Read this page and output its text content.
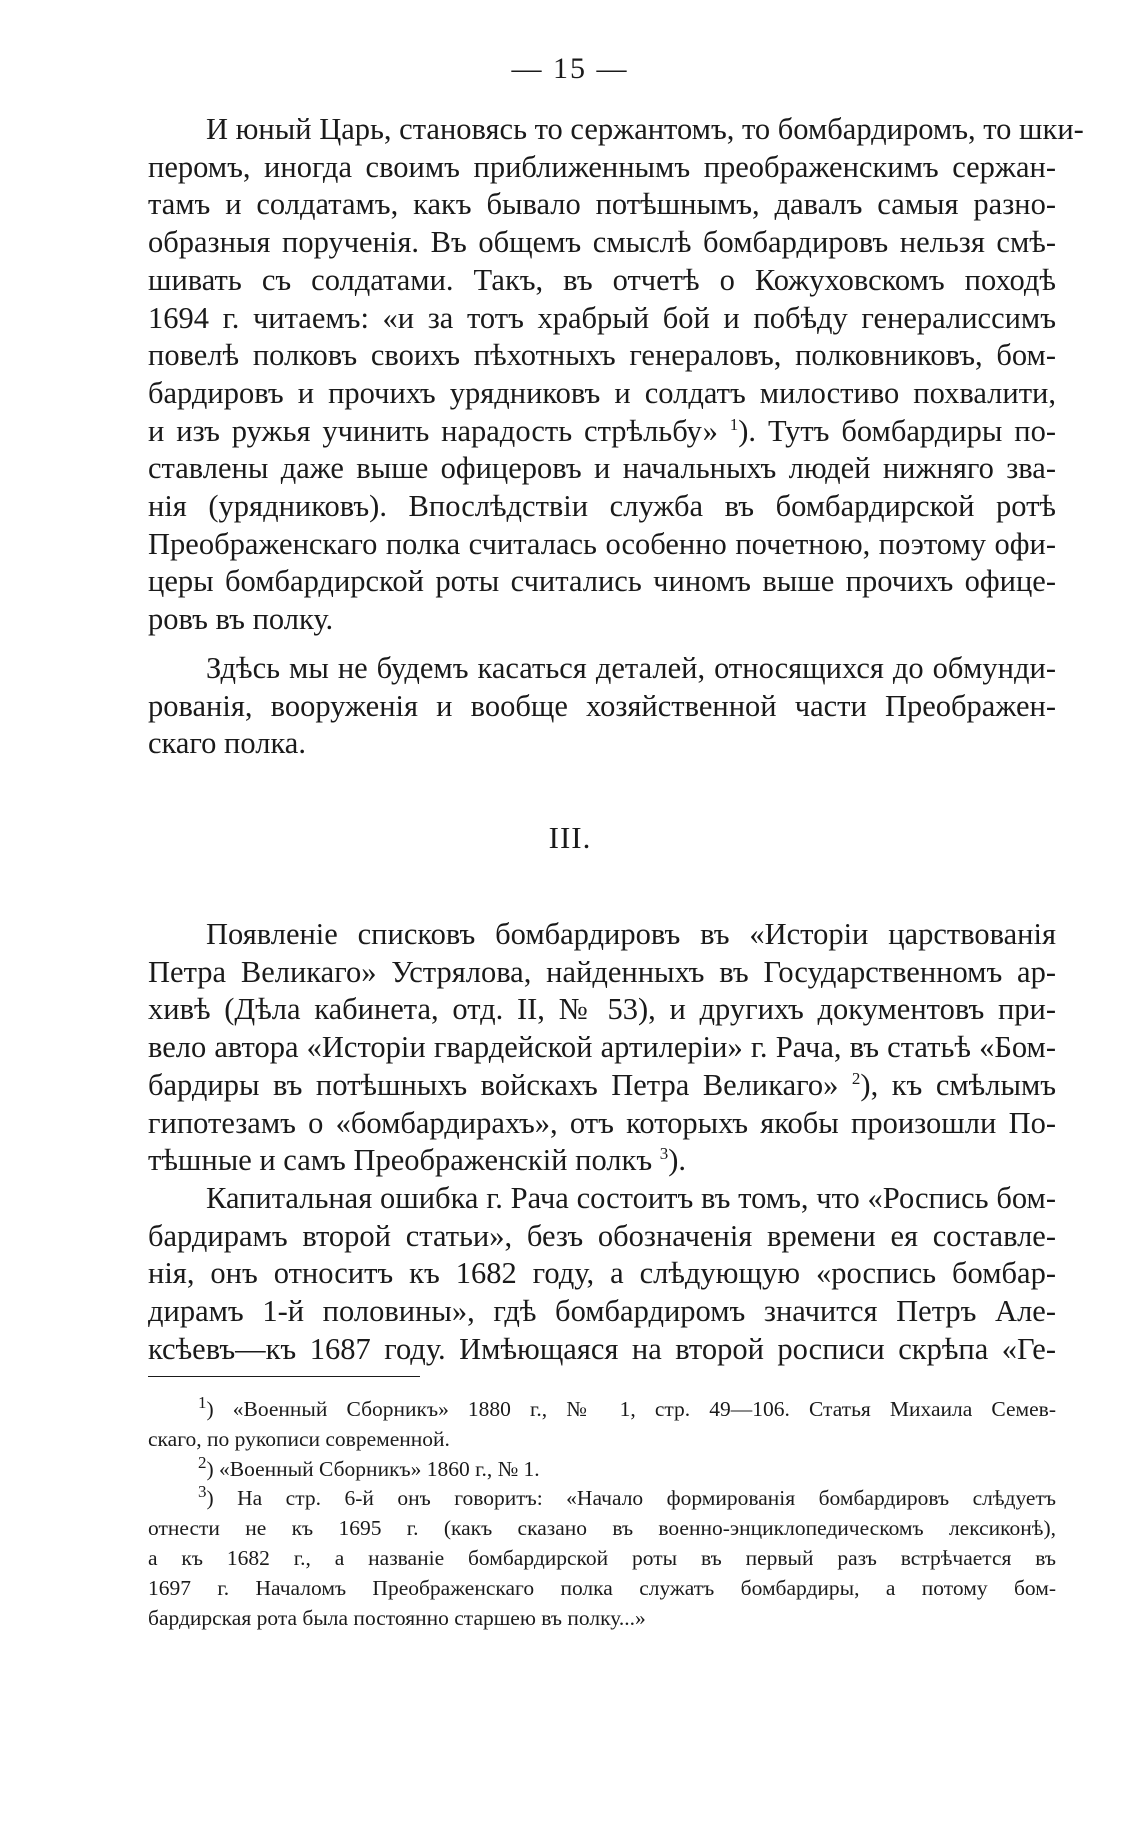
— 15 —
И юный Царь, становясь то сержантомъ, то бомбардиромъ, то шки-
перомъ, иногда своимъ приближеннымъ преображенскимъ сержан-
тамъ и солдатамъ, какъ бывало потѣшнымъ, давалъ самыя разно-
образныя порученія. Въ общемъ смыслѣ бомбардировъ нельзя смѣ-
шивать съ солдатами. Такъ, въ отчетѣ о Кожуховскомъ походѣ
1694 г. читаемъ: «и за тотъ храбрый бой и побѣду генералиссимъ
повелѣ полковъ своихъ пѣхотныхъ генераловъ, полковниковъ, бом-
бардировъ и прочихъ урядниковъ и солдатъ милостиво похвалити,
и изъ ружья учинить нарадость стрѣльбу» $^1$). Тутъ бомбардиры по-
ставлены даже выше офицеровъ и начальныхъ людей нижняго зва-
нія (урядниковъ). Впослѣдствіи служба въ бомбардирской ротѣ
Преображенскаго полка считалась особенно почетною, поэтому офи-
церы бомбардирской роты считались чиномъ выше прочихъ офице-
ровъ въ полку.
Здѣсь мы не будемъ касаться деталей, относящихся до обмунди-
рованія, вооруженія и вообще хозяйственной части Преображен-
скаго полка.
III.
Появленіе списковъ бомбардировъ въ «Исторіи царствованія
Петра Великаго» Устрялова, найденныхъ въ Государственномъ ар-
хивѣ (Дѣла кабинета, отд. II, № 53), и другихъ документовъ при-
вело автора «Исторіи гвардейской артилеріи» г. Рача, въ статьѣ «Бом-
бардиры въ потѣшныхъ войскахъ Петра Великаго» $^2$), къ смѣлымъ
гипотезамъ о «бомбардирахъ», отъ которыхъ якобы произошли По-
тѣшные и самъ Преображенскій полкъ $^3$).
Капитальная ошибка г. Рача состоитъ въ томъ, что «Роспись бом-
бардирамъ второй статьи», безъ обозначенія времени ея составле-
нія, онъ относитъ къ 1682 году, а слѣдующую «роспись бомбар-
дирамъ 1-й половины», гдѣ бомбардиромъ значится Петръ Але-
ксѣевъ—къ 1687 году. Имѣющаяся на второй росписи скрѣпа «Ге-
$^1$) «Военный Сборникъ» 1880 г., № 1, стр. 49—106. Статья Михаила Семев-
скаго, по рукописи современной.
$^2$) «Военный Сборникъ» 1860 г., № 1.
$^3$) На стр. 6-й онъ говоритъ: «Начало формированія бомбардировъ слѣдуетъ
отнести не къ 1695 г. (какъ сказано въ военно-энциклопедическомъ лексиконѣ),
а къ 1682 г., а названіе бомбардирской роты въ первый разъ встрѣчается въ
1697 г. Началомъ Преображенскаго полка служатъ бомбардиры, а потому бом-
бардирская рота была постоянно старшею въ полку...»
